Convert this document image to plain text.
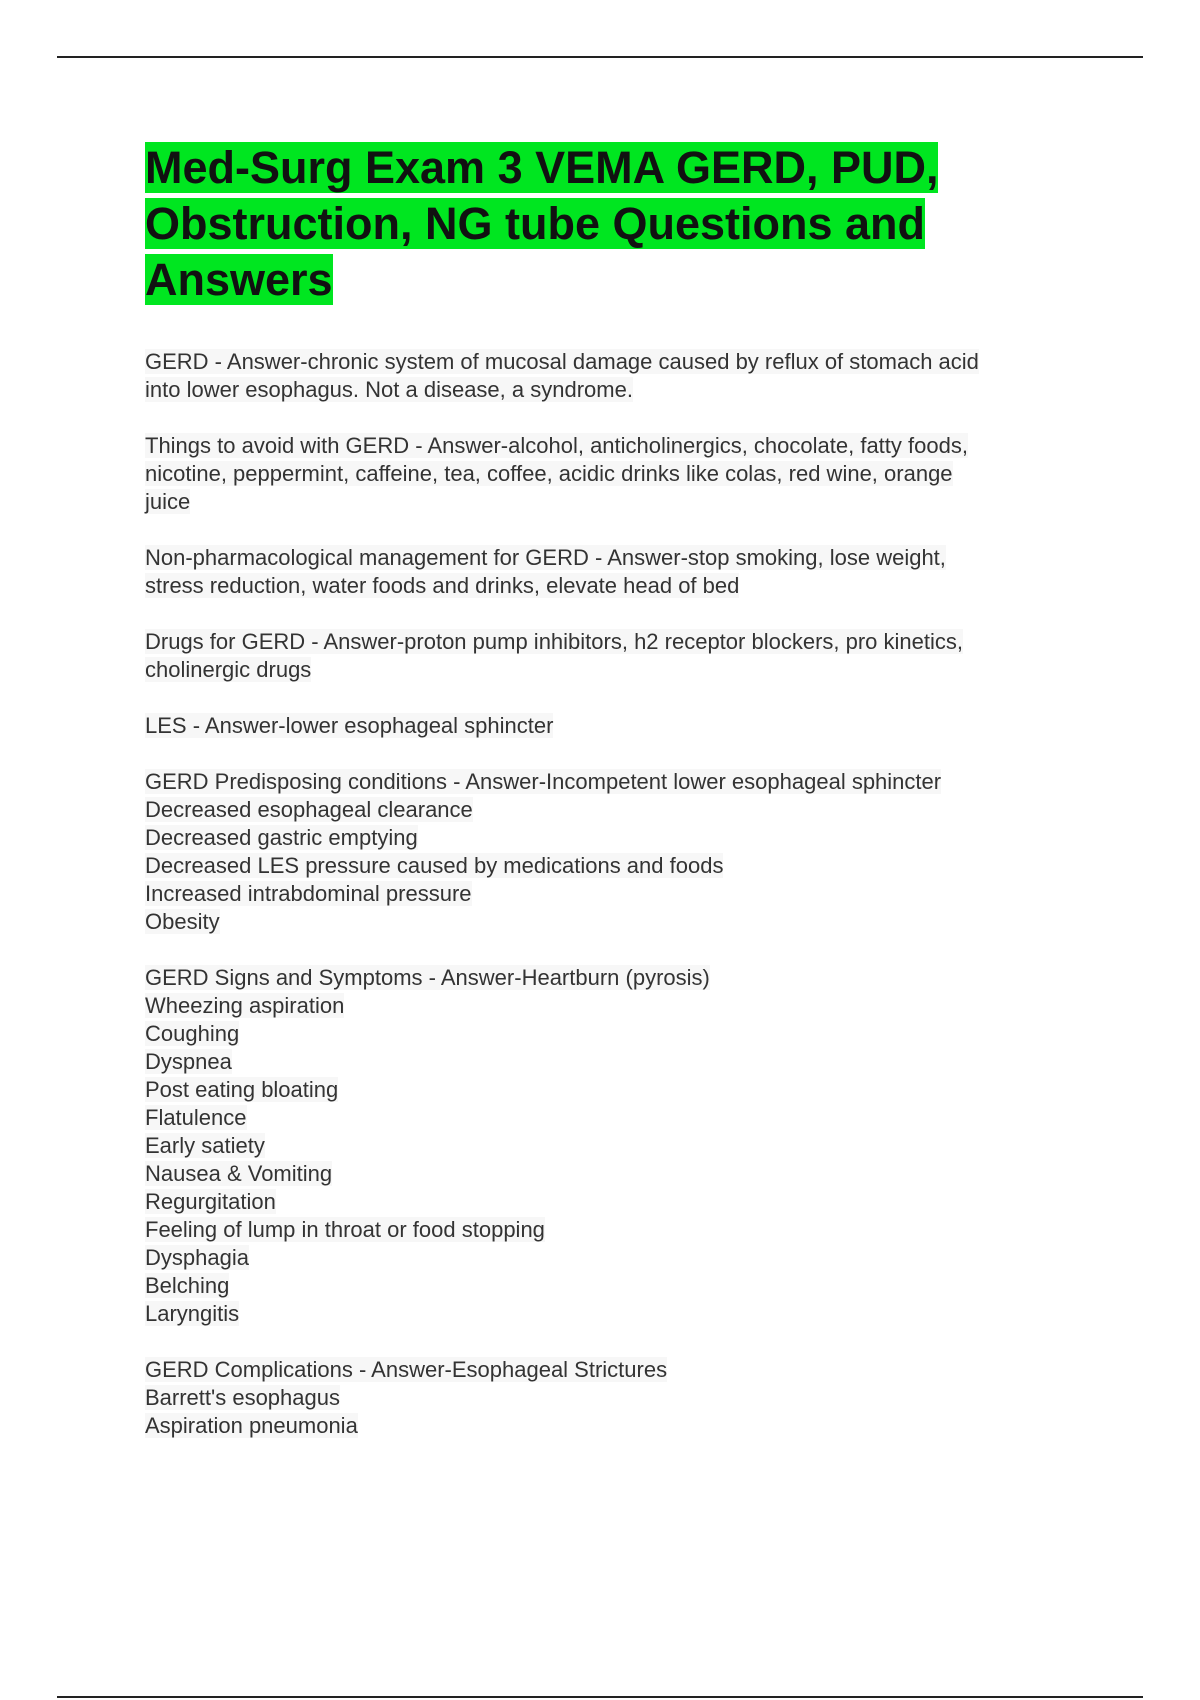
Med-Surg Exam 3 VEMA GERD, PUD, Obstruction, NG tube Questions and Answers
GERD - Answer-chronic system of mucosal damage caused by reflux of stomach acid
into lower esophagus. Not a disease, a syndrome.
Things to avoid with GERD - Answer-alcohol, anticholinergics, chocolate, fatty foods,
nicotine, peppermint, caffeine, tea, coffee, acidic drinks like colas, red wine, orange
juice
Non-pharmacological management for GERD - Answer-stop smoking, lose weight,
stress reduction, water foods and drinks, elevate head of bed
Drugs for GERD - Answer-proton pump inhibitors, h2 receptor blockers, pro kinetics,
cholinergic drugs
LES - Answer-lower esophageal sphincter
GERD Predisposing conditions - Answer-Incompetent lower esophageal sphincter
Decreased esophageal clearance
Decreased gastric emptying
Decreased LES pressure caused by medications and foods
Increased intrabdominal pressure
Obesity
GERD Signs and Symptoms - Answer-Heartburn (pyrosis)
Wheezing aspiration
Coughing
Dyspnea
Post eating bloating
Flatulence
Early satiety
Nausea & Vomiting
Regurgitation
Feeling of lump in throat or food stopping
Dysphagia
Belching
Laryngitis
GERD Complications - Answer-Esophageal Strictures
Barrett's esophagus
Aspiration pneumonia
